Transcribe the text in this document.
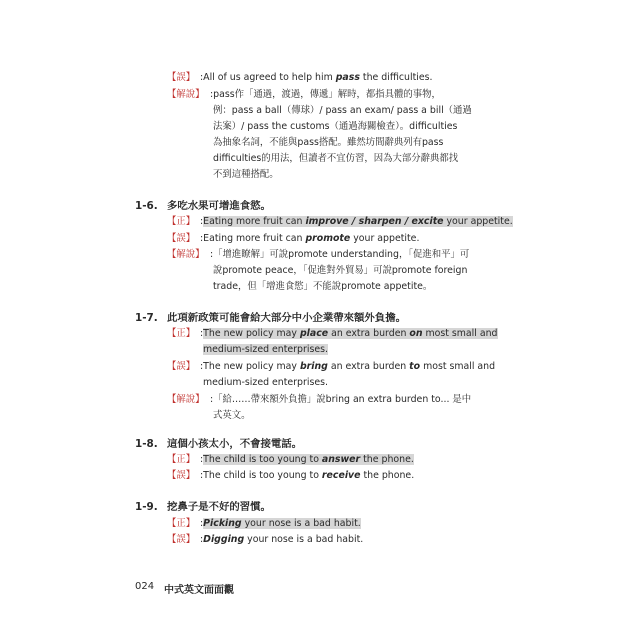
【誤】 :All of us agreed to help him pass the difficulties.
【解說】 :pass作「通過，渡過，傳遞」解時，都指具體的事物，
例：pass a ball（傳球）/ pass an exam/ pass a bill（通過
法案）/ pass the customs（通過海關檢查）。difficulties
為抽象名詞，不能與pass搭配。雖然坊間辭典列有pass
difficulties的用法，但讀者不宜仿習，因為大部分辭典都找
不到這種搭配。
1-6. 多吃水果可增進食慾。
【正】 :Eating more fruit can improve / sharpen / excite your appetite.
【誤】 :Eating more fruit can promote your appetite.
【解說】 :「增進瞭解」可說promote understanding，「促進和平」可
說promote peace，「促進對外貿易」可說promote foreign
trade，但「增進食慾」不能說promote appetite。
1-7. 此項新政策可能會給大部分中小企業帶來額外負擔。
【正】 :The new policy may place an extra burden on most small and
medium-sized enterprises.
【誤】 :The new policy may bring an extra burden to most small and
medium-sized enterprises.
【解說】 :「給……帶來額外負擔」說bring an extra burden to... 是中
式英文。
1-8. 這個小孩太小，不會接電話。
【正】 :The child is too young to answer the phone.
【誤】 :The child is too young to receive the phone.
1-9. 挖鼻子是不好的習慣。
【正】 :Picking your nose is a bad habit.
【誤】 :Digging your nose is a bad habit.
024 中式英文面面觀
